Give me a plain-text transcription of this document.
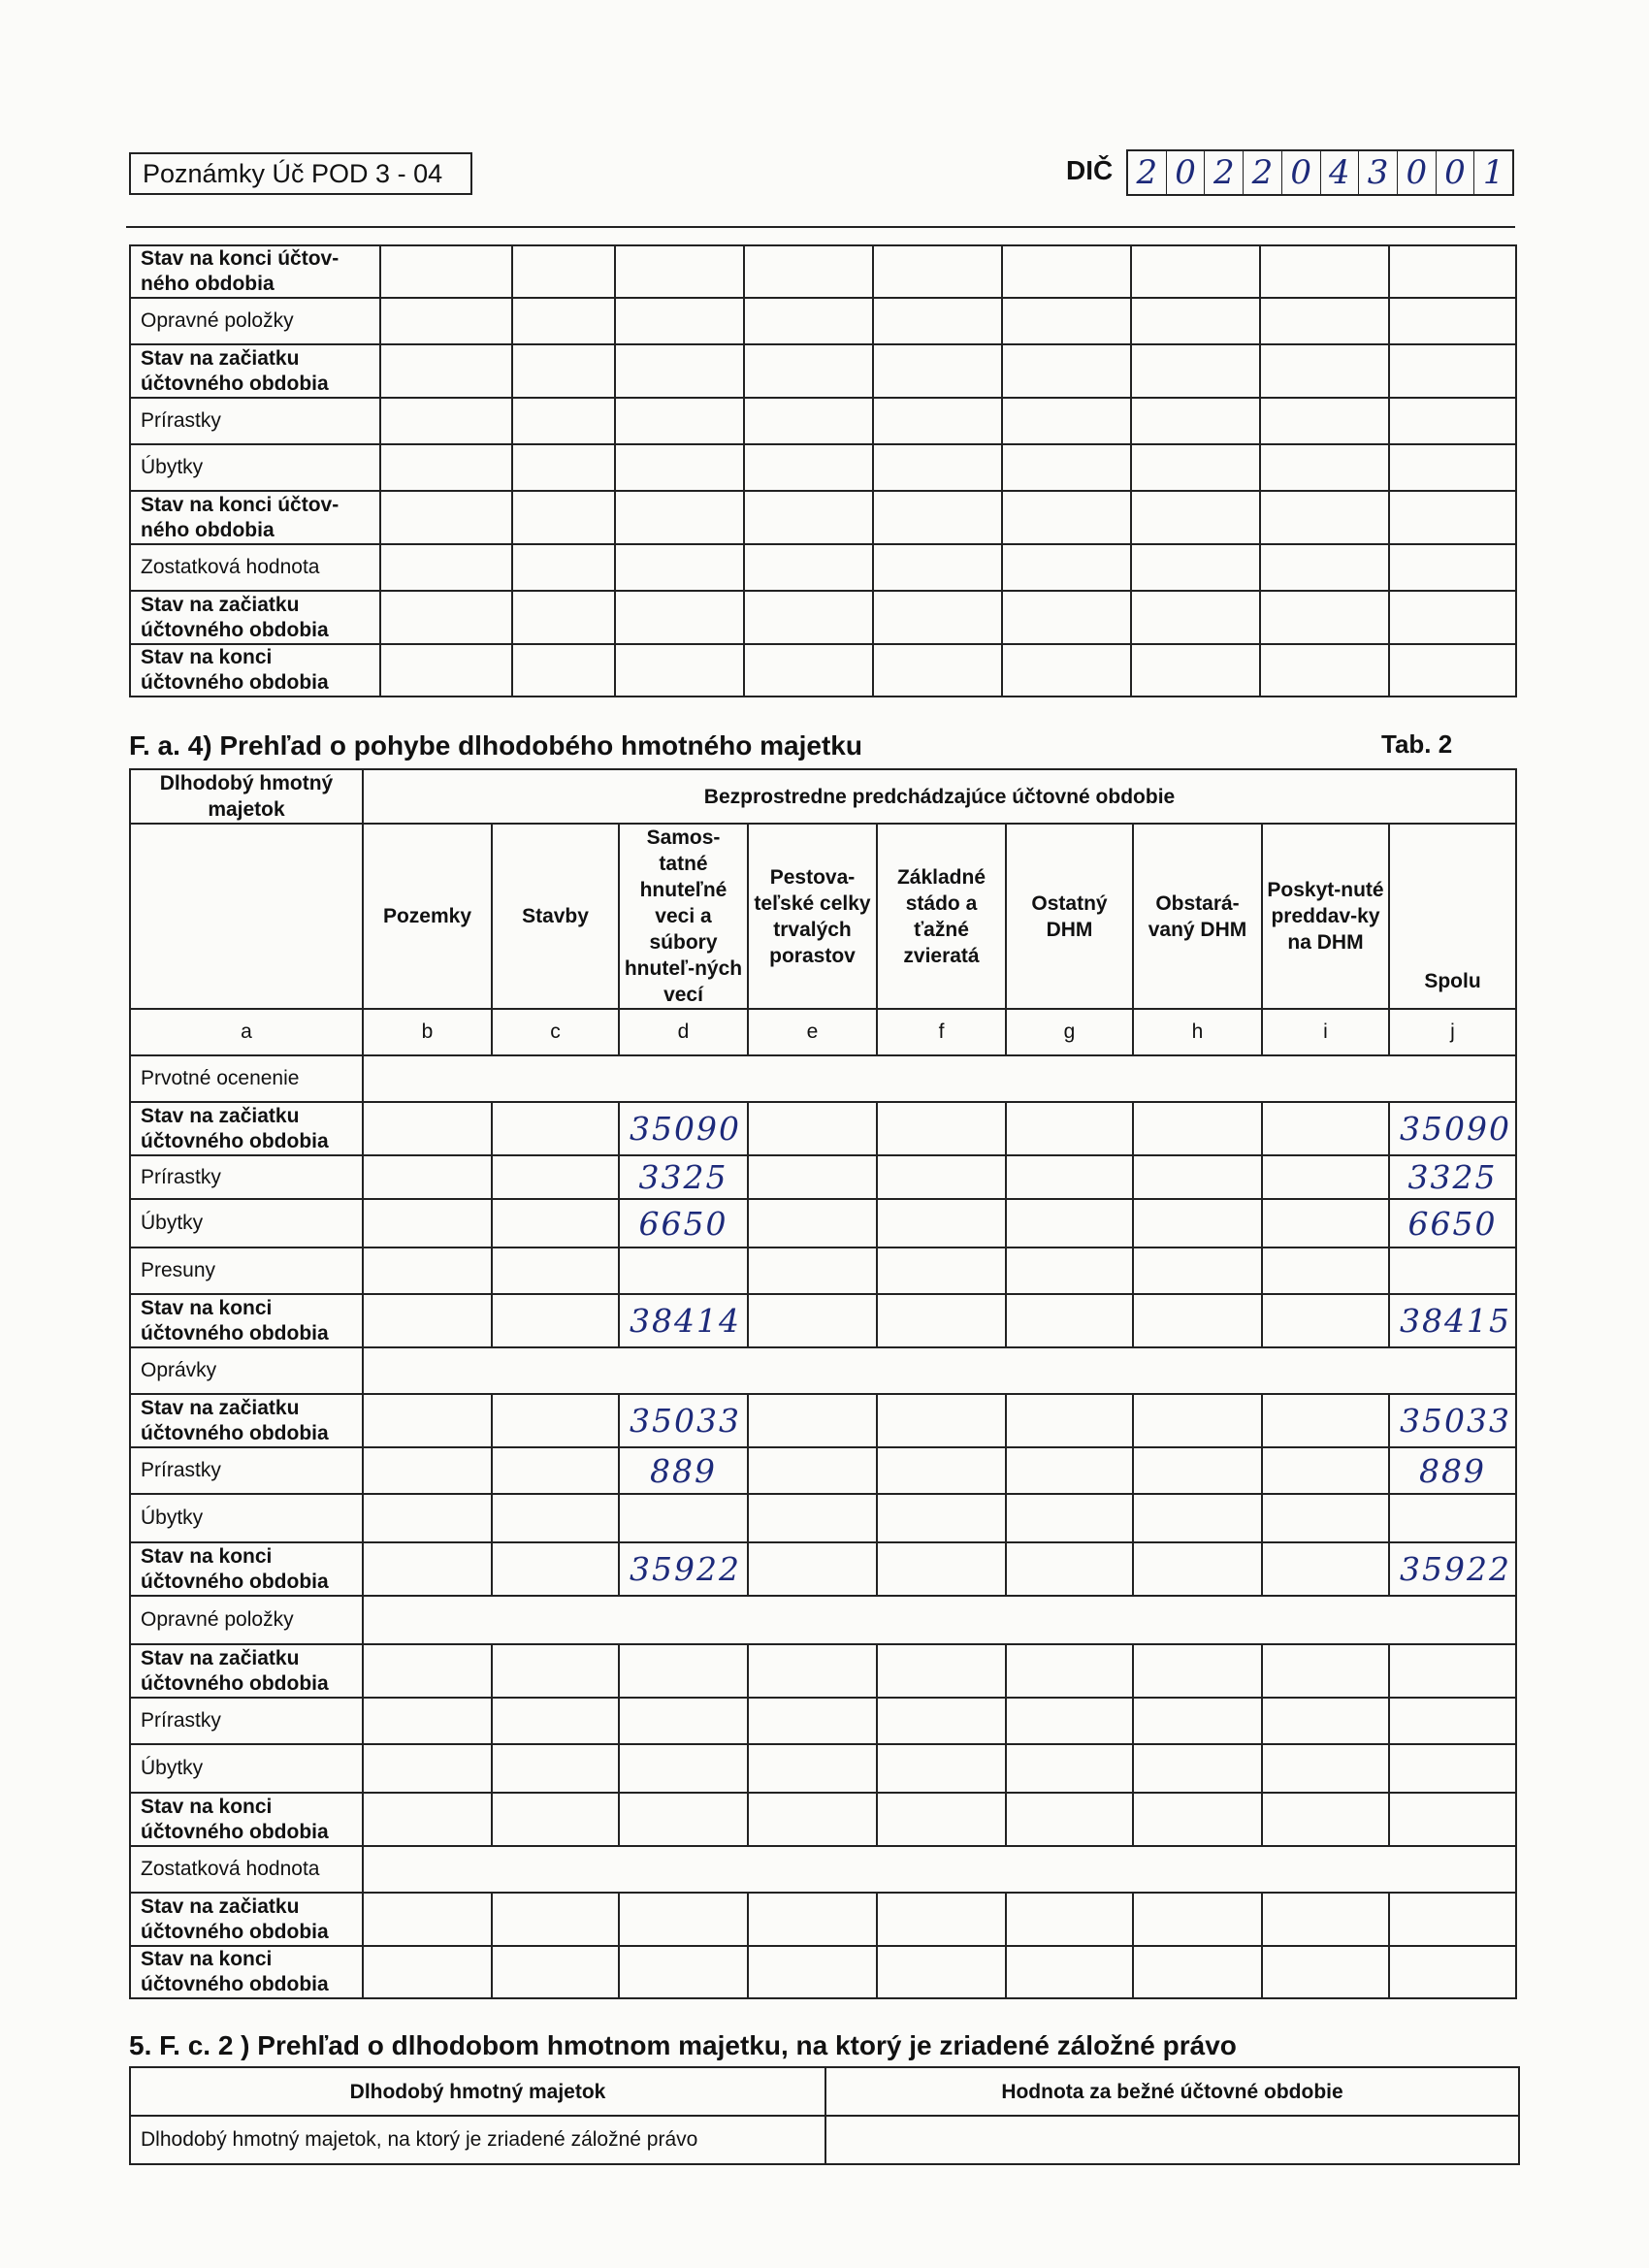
Poznámky Úč POD 3 - 04	DIČ 2 0 2 2 0 4 3 0 0 1
Stav na konci účtov-ného obdobia									
Opravné položky									
Stav na začiatku účtovného obdobia									
Prírastky									
Úbytky									
Stav na konci účtov-ného obdobia									
Zostatková hodnota									
Stav na začiatku účtovného obdobia									
Stav na konci účtovného obdobia									
F. a. 4) Prehľad o pohybe dlhodobého hmotného majetku	Tab. 2
Dlhodobý hmotný majetok	Bezprostredne predchádzajúce účtovné obdobie								
	Pozemky	Stavby	Samos-tatné hnuteľné veci a súbory hnuteľ-ných vecí	Pestova-teľské celky trvalých porastov	Základné stádo a ťažné zvieratá	Ostatný DHM	Obstará-vaný DHM	Poskyt-nuté preddav-ky na DHM	Spolu
a	b	c	d	e	f	g	h	i	j
Prvotné ocenenie									
Stav na začiatku účtovného obdobia			35090						35090
Prírastky			3325						3325
Úbytky			6650						6650
Presuny									
Stav na konci účtovného obdobia			38414						38415
Oprávky									
Stav na začiatku účtovného obdobia			35033						35033
Prírastky			889						889
Úbytky									
Stav na konci účtovného obdobia			35922						35922
Opravné položky									
Stav na začiatku účtovného obdobia									
Prírastky									
Úbytky									
Stav na konci účtovného obdobia									
Zostatková hodnota									
Stav na začiatku účtovného obdobia									
Stav na konci účtovného obdobia									
5. F. c. 2 ) Prehľad o dlhodobom hmotnom majetku, na ktorý je zriadené záložné právo
Dlhodobý hmotný majetok	Hodnota za bežné účtovné obdobie
Dlhodobý hmotný majetok, na ktorý je zriadené záložné právo	
